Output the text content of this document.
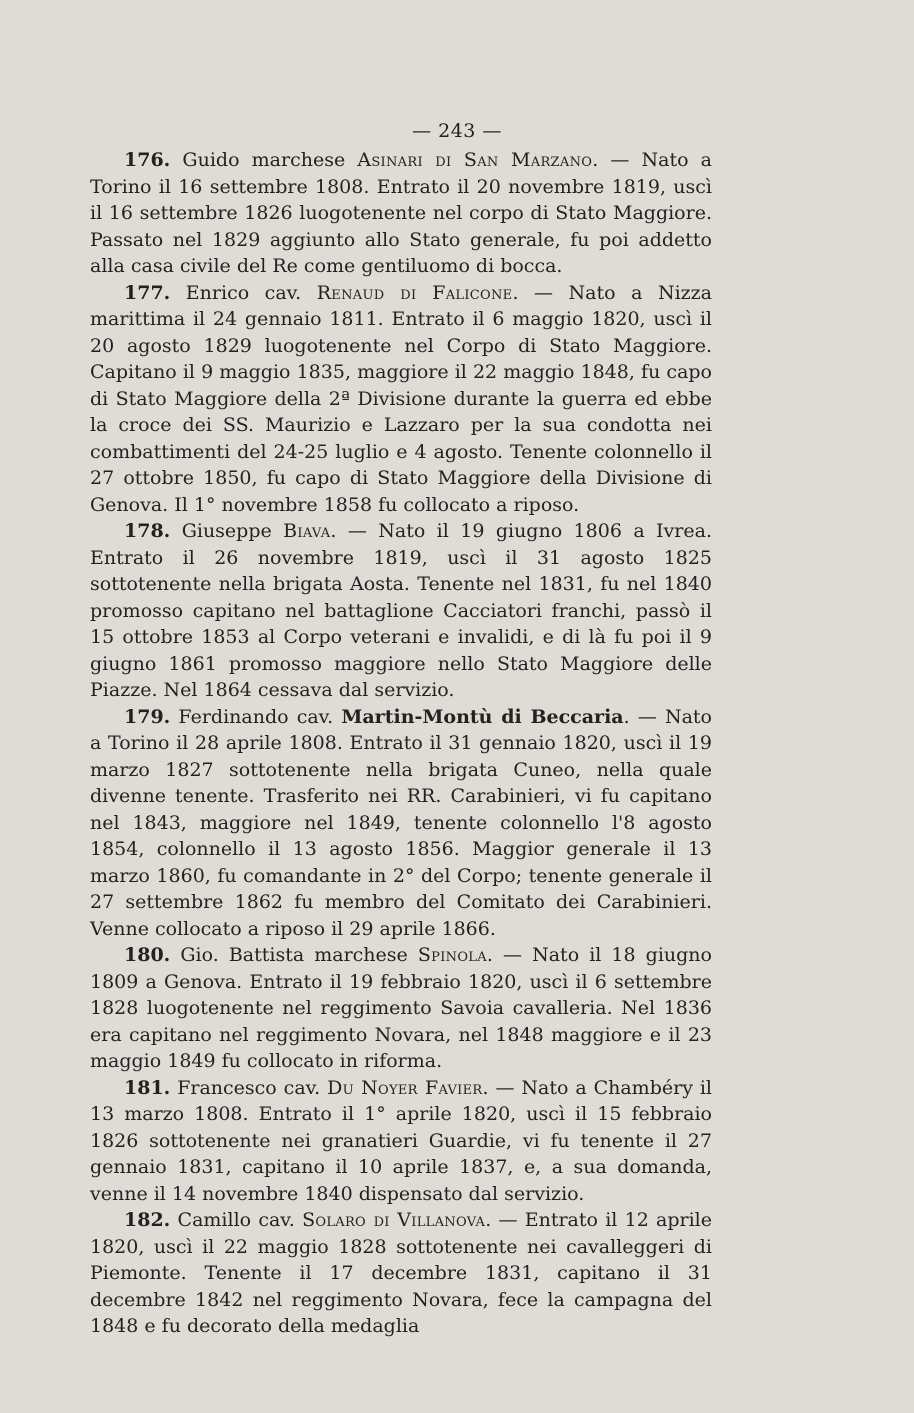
— 243 —

176. Guido marchese Asinari di San Marzano. — Nato a Torino il 16 settembre 1808. Entrato il 20 novembre 1819, uscì il 16 settembre 1826 luogotenente nel corpo di Stato Maggiore. Passato nel 1829 aggiunto allo Stato generale, fu poi addetto alla casa civile del Re come gentiluomo di bocca.

177. Enrico cav. Renaud di Falicone. — Nato a Nizza marittima il 24 gennaio 1811. Entrato il 6 maggio 1820, uscì il 20 agosto 1829 luogotenente nel Corpo di Stato Maggiore. Capitano il 9 maggio 1835, maggiore il 22 maggio 1848, fu capo di Stato Maggiore della 2ª Divisione durante la guerra ed ebbe la croce dei SS. Maurizio e Lazzaro per la sua condotta nei combattimenti del 24-25 luglio e 4 agosto. Tenente colonnello il 27 ottobre 1850, fu capo di Stato Maggiore della Divisione di Genova. Il 1° novembre 1858 fu collocato a riposo.

178. Giuseppe Biava. — Nato il 19 giugno 1806 a Ivrea. Entrato il 26 novembre 1819, uscì il 31 agosto 1825 sottotenente nella brigata Aosta. Tenente nel 1831, fu nel 1840 promosso capitano nel battaglione Cacciatori franchi, passò il 15 ottobre 1853 al Corpo veterani e invalidi, e di là fu poi il 9 giugno 1861 promosso maggiore nello Stato Maggiore delle Piazze. Nel 1864 cessava dal servizio.

179. Ferdinando cav. Martin-Montù di Beccaria. — Nato a Torino il 28 aprile 1808. Entrato il 31 gennaio 1820, uscì il 19 marzo 1827 sottotenente nella brigata Cuneo, nella quale divenne tenente. Trasferito nei RR. Carabinieri, vi fu capitano nel 1843, maggiore nel 1849, tenente colonnello l'8 agosto 1854, colonnello il 13 agosto 1856. Maggior generale il 13 marzo 1860, fu comandante in 2° del Corpo; tenente generale il 27 settembre 1862 fu membro del Comitato dei Carabinieri. Venne collocato a riposo il 29 aprile 1866.

180. Gio. Battista marchese Spinola. — Nato il 18 giugno 1809 a Genova. Entrato il 19 febbraio 1820, uscì il 6 settembre 1828 luogotenente nel reggimento Savoia cavalleria. Nel 1836 era capitano nel reggimento Novara, nel 1848 maggiore e il 23 maggio 1849 fu collocato in riforma.

181. Francesco cav. Du Noyer Favier. — Nato a Chambéry il 13 marzo 1808. Entrato il 1° aprile 1820, uscì il 15 febbraio 1826 sottotenente nei granatieri Guardie, vi fu tenente il 27 gennaio 1831, capitano il 10 aprile 1837, e, a sua domanda, venne il 14 novembre 1840 dispensato dal servizio.

182. Camillo cav. Solaro di Villanova. — Entrato il 12 aprile 1820, uscì il 22 maggio 1828 sottotenente nei cavalleggeri di Piemonte. Tenente il 17 decembre 1831, capitano il 31 decembre 1842 nel reggimento Novara, fece la campagna del 1848 e fu decorato della medaglia
